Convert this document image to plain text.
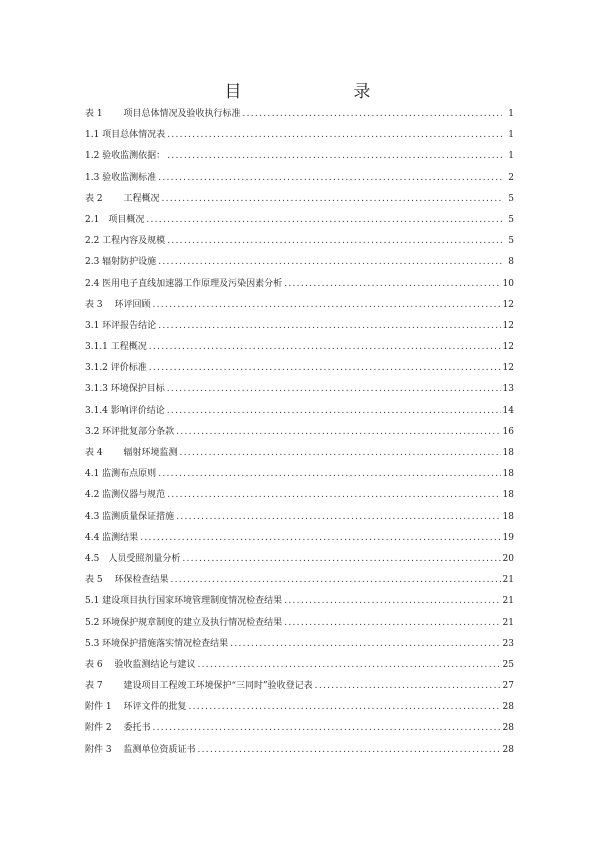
目　　录
表 1　　 项目总体情况及验收执行标准 .....	1
1.1 项目总体情况表 .....	1
1.2 验收监测依据： .....	1
1.3 验收监测标准 .....	2
表 2　　 工程概况 .....	5
2.1　项目概况 .....	5
2.2 工程内容及规模 .....	5
2.3 辐射防护设施 .....	8
2.4 医用电子直线加速器工作原理及污染因素分析 .....	10
表 3　 环评回顾 .....	12
3.1 环评报告结论 .....	12
3.1.1 工程概况 .....	12
3.1.2 评价标准 .....	12
3.1.3 环境保护目标 .....	13
3.1.4 影响评价结论 .....	14
3.2 环评批复部分条款 .....	16
表 4　　 辐射环境监测 .....	18
4.1 监测布点原则 .....	18
4.2 监测仪器与规范 .....	18
4.3 监测质量保证措施 .....	18
4.4 监测结果 .....	19
4.5　人员受照剂量分析 .....	20
表 5　 环保检查结果 .....	21
5.1 建设项目执行国家环境管理制度情况检查结果 .....	21
5.2 环境保护规章制度的建立及执行情况检查结果 .....	21
5.3 环境保护措施落实情况检查结果 .....	23
表 6　 验收监测结论与建议 .....	25
表 7　　 建设项目工程竣工环境保护“三同时”验收登记表 .....	27
附件 1　 环评文件的批复 .....	28
附件 2　 委托书 .....	28
附件 3　 监测单位资质证书 .....	28
